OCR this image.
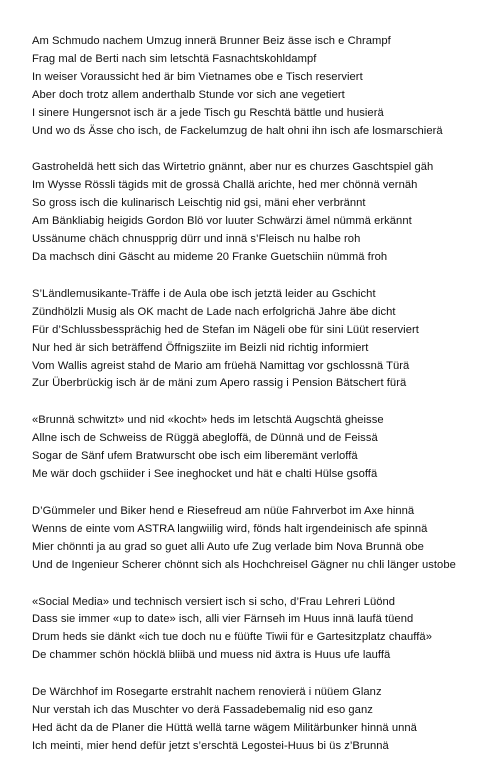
Am Schmudo nachem Umzug innerä Brunner Beiz ässe isch e Chrampf
Frag mal de Berti nach sim letschtä Fasnachtskohldampf
In weiser Voraussicht hed är bim Vietnames obe e Tisch reserviert
Aber doch trotz allem anderthalb Stunde vor sich ane vegetiert
I sinere Hungersnot isch är a jede Tisch gu Reschtä bättle und husierä
Und wo ds Ässe cho isch, de Fackelumzug de halt ohni ihn isch afe losmarschierä
Gastroheldä hett sich das Wirtetrio gnännt, aber nur es churzes Gaschtspiel gäh
Im Wysse Rössli tägids mit de grossä Challä arichte, hed mer chönnä vernäh
So gross isch die kulinarisch Leischtig nid gsi, mäni eher verbrännt
Am Bänkliabig heigids Gordon Blö vor luuter Schwärzi ämel nümmä erkännt
Ussänume chäch chnuspprig dürr und innä s’Fleisch nu halbe roh
Da machsch dini Gäscht au mideme 20 Franke Guetschiin nümmä froh
S’Ländlemusikante-Träffe i de Aula obe isch jetztä leider au Gschicht
Zündhölzli Musig als OK macht de Lade nach erfolgrichä Jahre äbe dicht
Für d’Schlussbessprächig hed de Stefan im Nägeli obe für sini Lüüt reserviert
Nur hed är sich beträffend Öffnigsziite im Beizli nid richtig informiert
Vom Wallis agreist stahd de Mario am früehä Namittag vor gschlossnä Türä
Zur Überbrückig isch är de mäni zum Apero rassig i Pension Bätschert fürä
«Brunnä schwitzt» und nid «kocht» heds im letschtä Augschtä gheisse
Allne isch de Schweiss de Rüggä abegloffä, de Dünnä und de Feissä
Sogar de Sänf ufem Bratwurscht obe isch eim liberemänt verloffä
Me wär doch gschiider i See ineghocket und hät e chalti Hülse gsoffä
D’Gümmeler und Biker hend e Riesefreud am nüüe Fahrverbot im Axe hinnä
Wenns de einte vom ASTRA langwiilig wird, fönds halt irgendeinisch afe spinnä
Mier chönnti ja au grad so guet alli Auto ufe Zug verlade bim Nova Brunnä obe
Und de Ingenieur Scherer chönnt sich als Hochchreisel Gägner nu chli länger ustobe
«Social Media» und technisch versiert isch si scho, d’Frau Lehreri Lüönd
Dass sie immer «up to date» isch, alli vier Färnseh im Huus innä laufä tüend
Drum heds sie dänkt «ich tue doch nu e füüfte Tiwii für e Gartesitzplatz chauffä»
De chammer schön höcklä bliibä und muess nid äxtra is Huus ufe lauffä
De Wärchhof im Rosegarte erstrahlt nachem renovierä i nüüem Glanz
Nur verstah ich das Muschter vo derä Fassadebemalig nid eso ganz
Hed ächt da de Planer die Hüttä wellä tarne wägem Militärbunker hinnä unnä
Ich meinti, mier hend defür jetzt s’erschtä Legostei-Huus bi üs z’Brunnä
